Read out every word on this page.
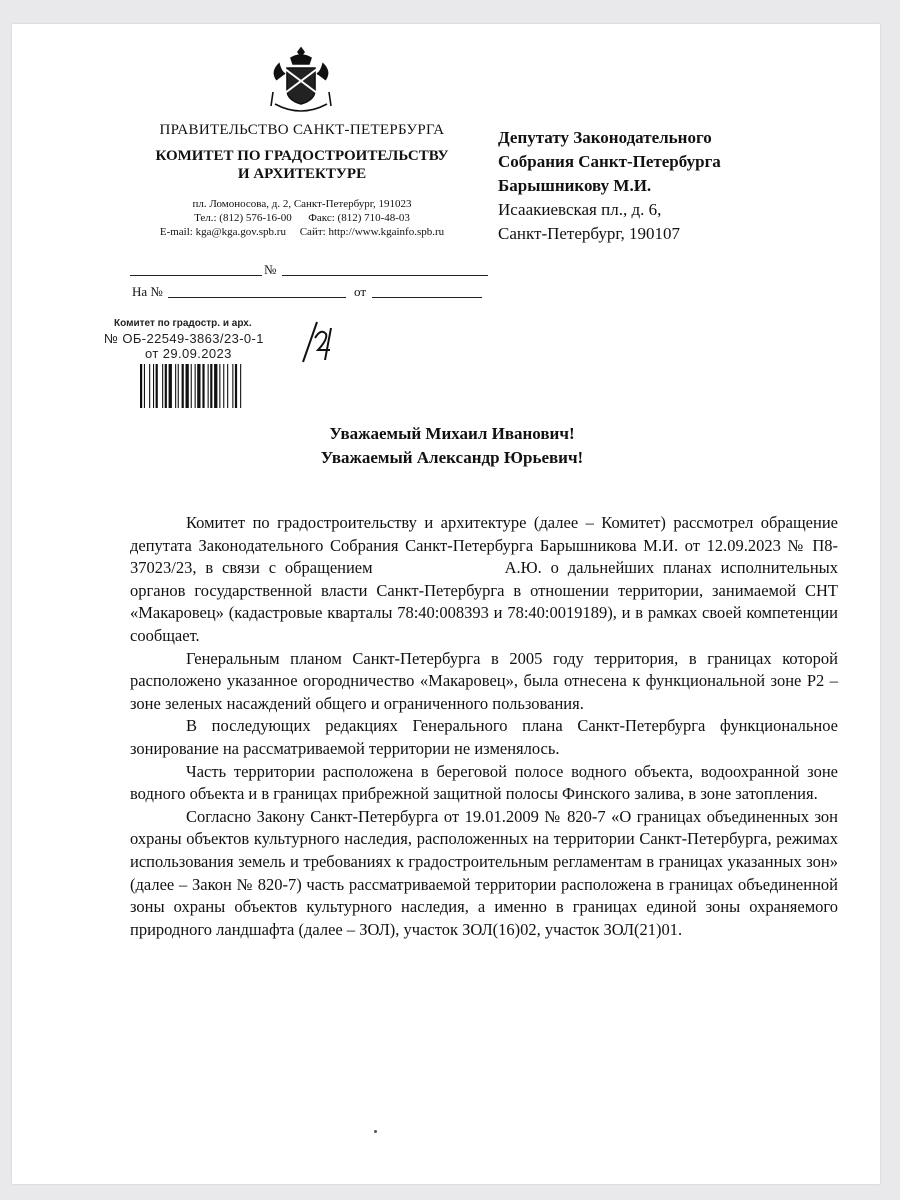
ПРАВИТЕЛЬСТВО САНКТ-ПЕТЕРБУРГА
КОМИТЕТ ПО ГРАДОСТРОИТЕЛЬСТВУ
И АРХИТЕКТУРЕ
пл. Ломоносова, д. 2, Санкт-Петербург, 191023
Тел.: (812) 576-16-00 Факс: (812) 710-48-03
E-mail: kga@kga.gov.spb.ru Сайт: http://www.kgainfo.spb.ru
№
На №	от
Депутату Законодательного
Собрания Санкт-Петербурга
Барышникову М.И.
Исаакиевская пл., д. 6,
Санкт-Петербург, 190107
Комитет по градостр. и арх.
№ ОБ-22549-3863/23-0-1
от 29.09.2023
Уважаемый Михаил Иванович!
Уважаемый Александр Юрьевич!

Комитет по градостроительству и архитектуре (далее – Комитет) рассмотрел обращение депутата Законодательного Собрания Санкт-Петербурга Барышникова М.И. от 12.09.2023 № П8-37023/23, в связи с обращением	А.Ю. о дальнейших планах исполнительных органов государственной власти Санкт-Петербурга в отношении территории, занимаемой СНТ «Макаровец» (кадастровые кварталы 78:40:008393 и 78:40:0019189), и в рамках своей компетенции сообщает.

Генеральным планом Санкт-Петербурга в 2005 году территория, в границах которой расположено указанное огородничество «Макаровец», была отнесена к функциональной зоне Р2 – зоне зеленых насаждений общего и ограниченного пользования.

В последующих редакциях Генерального плана Санкт-Петербурга функциональное зонирование на рассматриваемой территории не изменялось.

Часть территории расположена в береговой полосе водного объекта, водоохранной зоне водного объекта и в границах прибрежной защитной полосы Финского залива, в зоне затопления.

Согласно Закону Санкт-Петербурга от 19.01.2009 № 820-7 «О границах объединенных зон охраны объектов культурного наследия, расположенных на территории Санкт-Петербурга, режимах использования земель и требованиях к градостроительным регламентам в границах указанных зон» (далее – Закон № 820-7) часть рассматриваемой территории расположена в границах объединенной зоны охраны объектов культурного наследия, а именно в границах единой зоны охраняемого природного ландшафта (далее – ЗОЛ), участок ЗОЛ(16)02, участок ЗОЛ(21)01.
